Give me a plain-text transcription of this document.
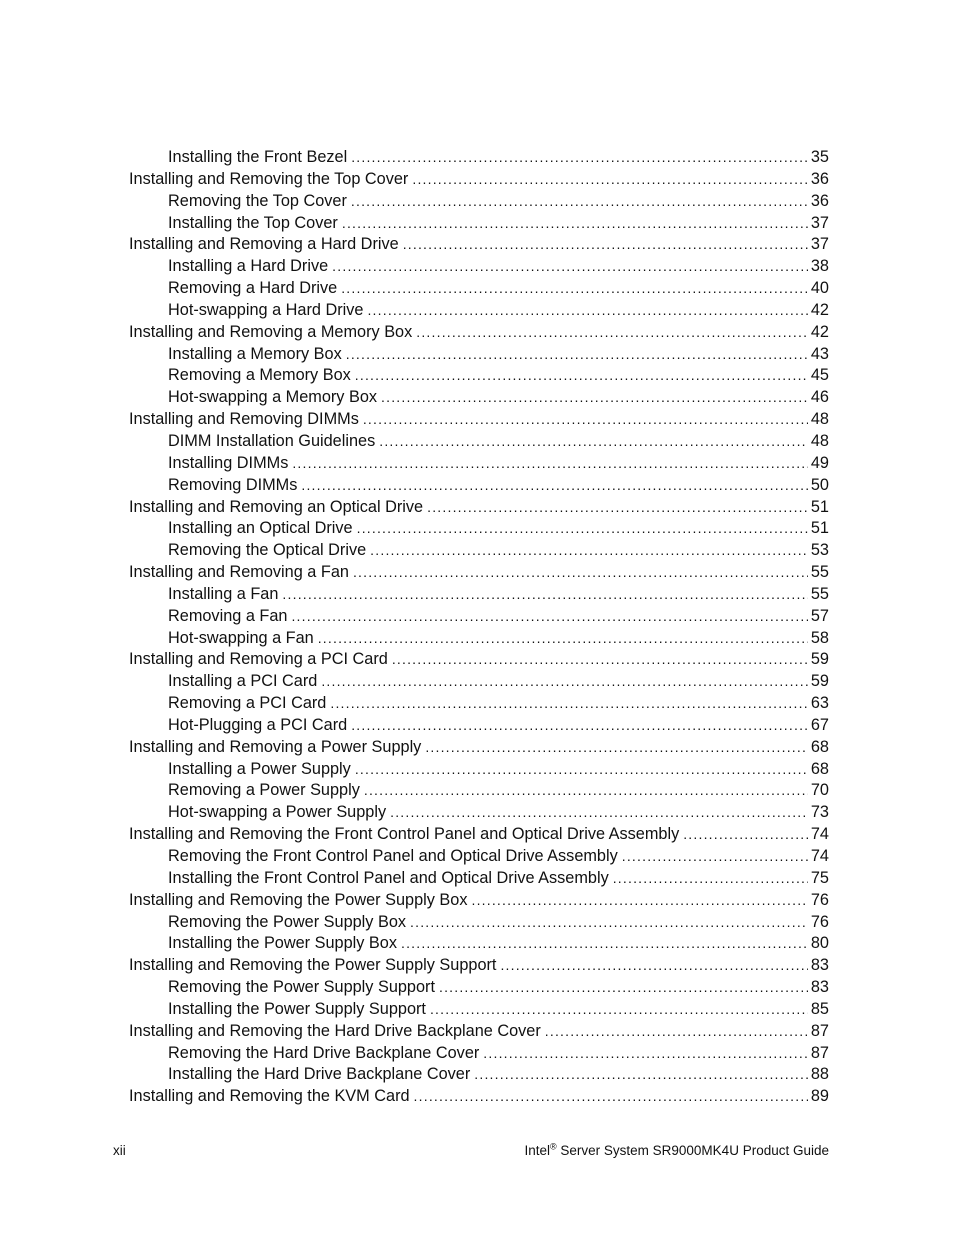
Installing the Front Bezel .....	35
Installing and Removing the Top Cover .....	36
Removing the Top Cover .....	36
Installing the Top Cover .....	37
Installing and Removing a Hard Drive .....	37
Installing a Hard Drive .....	38
Removing a Hard Drive .....	40
Hot-swapping a Hard Drive .....	42
Installing and Removing a Memory Box .....	42
Installing a Memory Box .....	43
Removing a Memory Box .....	45
Hot-swapping a Memory Box .....	46
Installing and Removing DIMMs .....	48
DIMM Installation Guidelines .....	48
Installing DIMMs .....	49
Removing DIMMs .....	50
Installing and Removing an Optical Drive .....	51
Installing an Optical Drive .....	51
Removing the Optical Drive .....	53
Installing and Removing a Fan .....	55
Installing a Fan .....	55
Removing a Fan .....	57
Hot-swapping a Fan .....	58
Installing and Removing a PCI Card .....	59
Installing a PCI Card .....	59
Removing a PCI Card .....	63
Hot-Plugging a PCI Card .....	67
Installing and Removing a Power Supply .....	68
Installing a Power Supply .....	68
Removing a Power Supply .....	70
Hot-swapping a Power Supply .....	73
Installing and Removing the Front Control Panel and Optical Drive Assembly .....	74
Removing the Front Control Panel and Optical Drive Assembly .....	74
Installing the Front Control Panel and Optical Drive Assembly .....	75
Installing and Removing the Power Supply Box .....	76
Removing the Power Supply Box .....	76
Installing the Power Supply Box .....	80
Installing and Removing the Power Supply Support .....	83
Removing the Power Supply Support .....	83
Installing the Power Supply Support .....	85
Installing and Removing the Hard Drive Backplane Cover .....	87
Removing the Hard Drive Backplane Cover .....	87
Installing the Hard Drive Backplane Cover .....	88
Installing and Removing the KVM Card .....	89
xii	Intel® Server System SR9000MK4U Product Guide
